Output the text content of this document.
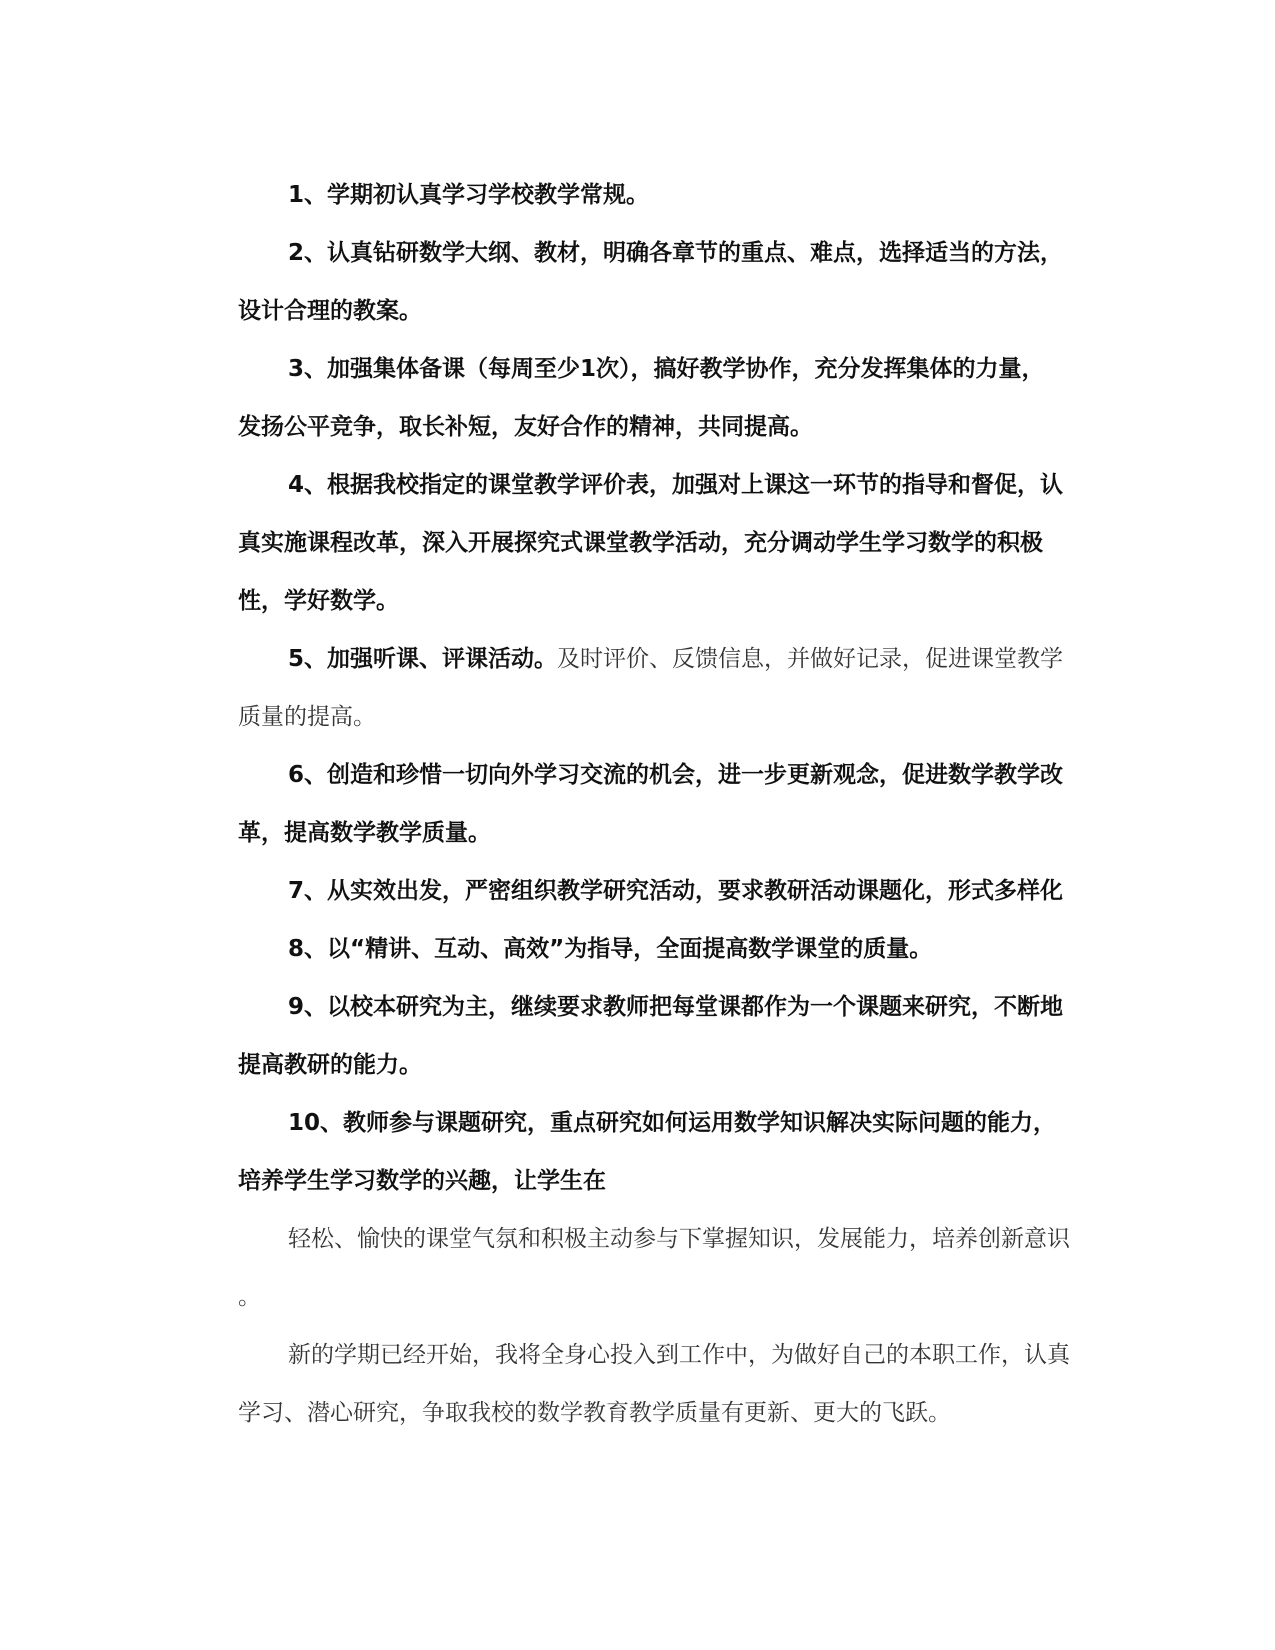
1、学期初认真学习学校教学常规。
2、认真钻研数学大纲、教材，明确各章节的重点、难点，选择适当的方法，
设计合理的教案。
3、加强集体备课（每周至少1次），搞好教学协作，充分发挥集体的力量，
发扬公平竞争，取长补短，友好合作的精神，共同提高。
4、根据我校指定的课堂教学评价表，加强对上课这一环节的指导和督促，认
真实施课程改革，深入开展探究式课堂教学活动，充分调动学生学习数学的积极
性，学好数学。
5、加强听课、评课活动。及时评价、反馈信息，并做好记录，促进课堂教学
质量的提高。
6、创造和珍惜一切向外学习交流的机会，进一步更新观念，促进数学教学改
革，提高数学教学质量。
7、从实效出发，严密组织教学研究活动，要求教研活动课题化，形式多样化
8、以“精讲、互动、高效”为指导，全面提高数学课堂的质量。
9、以校本研究为主，继续要求教师把每堂课都作为一个课题来研究，不断地
提高教研的能力。
10、教师参与课题研究，重点研究如何运用数学知识解决实际问题的能力，
培养学生学习数学的兴趣，让学生在
轻松、愉快的课堂气氛和积极主动参与下掌握知识，发展能力，培养创新意识
。
新的学期已经开始，我将全身心投入到工作中，为做好自己的本职工作，认真
学习、潜心研究，争取我校的数学教育教学质量有更新、更大的飞跃。
